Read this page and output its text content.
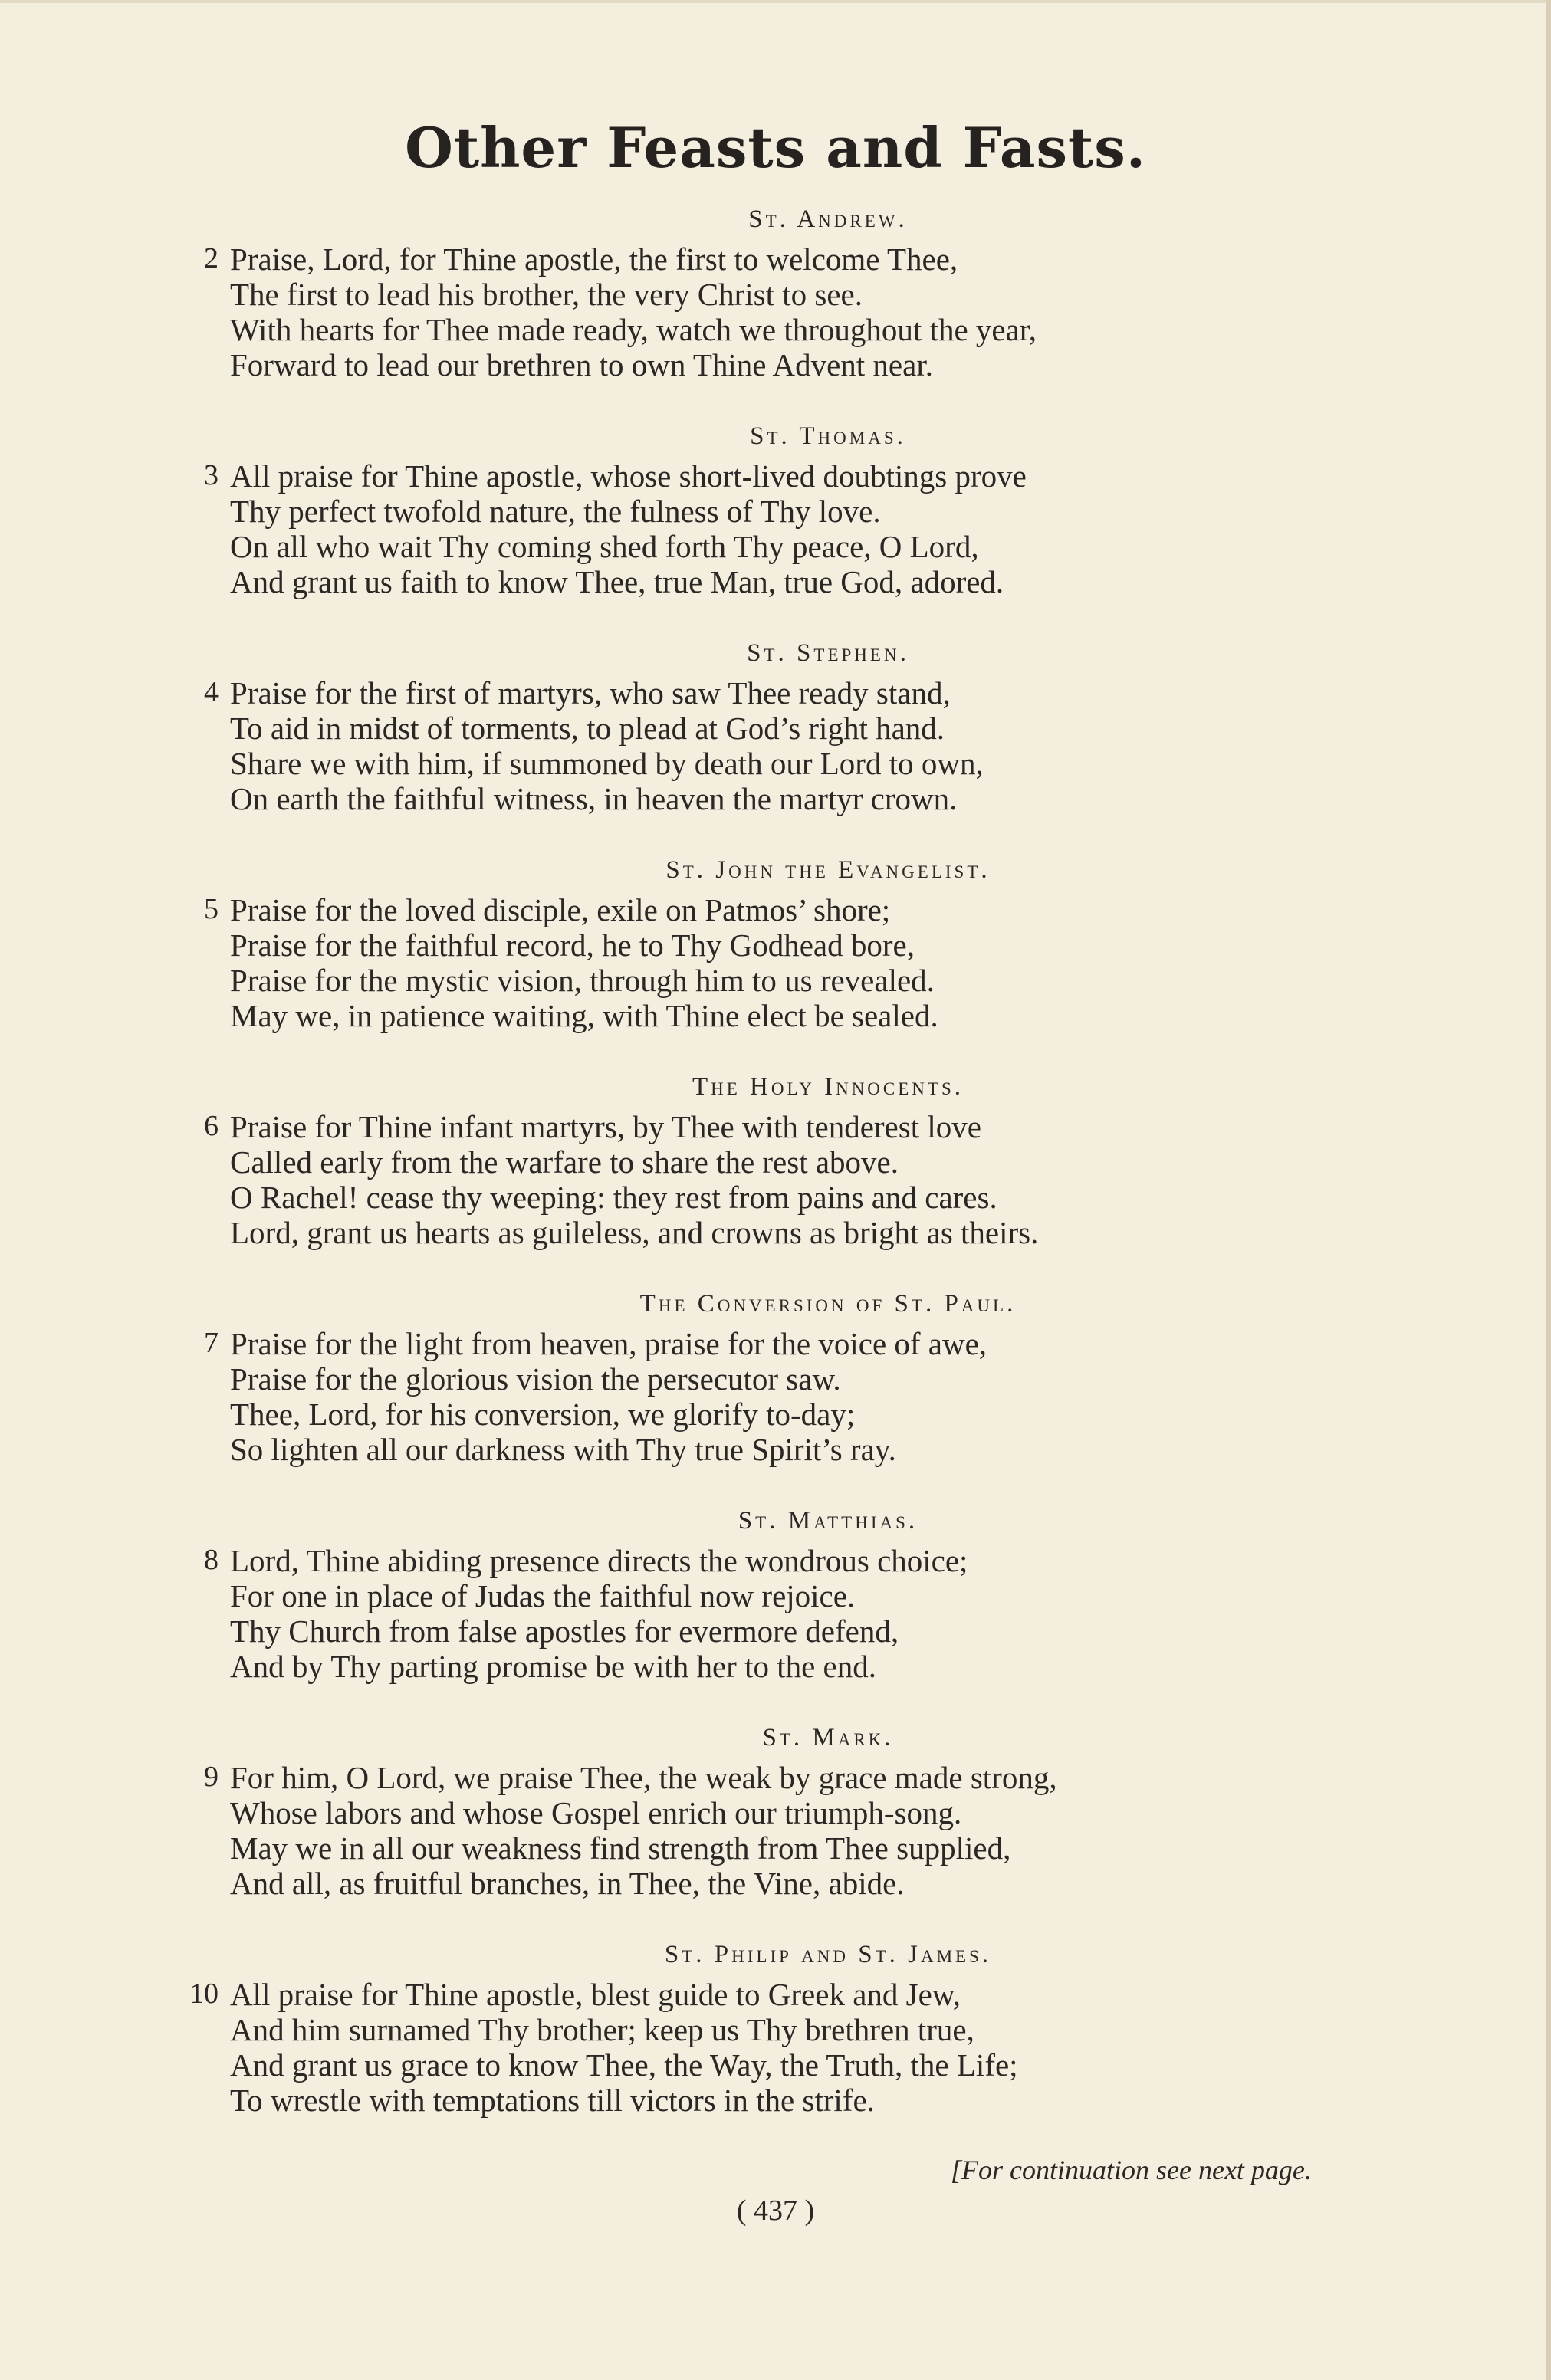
Other Feasts and Fasts.
St. Andrew.
2 Praise, Lord, for Thine apostle, the first to welcome Thee,
The first to lead his brother, the very Christ to see.
With hearts for Thee made ready, watch we throughout the year,
Forward to lead our brethren to own Thine Advent near.
St. Thomas.
3 All praise for Thine apostle, whose short-lived doubtings prove
Thy perfect twofold nature, the fulness of Thy love.
On all who wait Thy coming shed forth Thy peace, O Lord,
And grant us faith to know Thee, true Man, true God, adored.
St. Stephen.
4 Praise for the first of martyrs, who saw Thee ready stand,
To aid in midst of torments, to plead at God’s right hand.
Share we with him, if summoned by death our Lord to own,
On earth the faithful witness, in heaven the martyr crown.
St. John the Evangelist.
5 Praise for the loved disciple, exile on Patmos’ shore;
Praise for the faithful record, he to Thy Godhead bore,
Praise for the mystic vision, through him to us revealed.
May we, in patience waiting, with Thine elect be sealed.
The Holy Innocents.
6 Praise for Thine infant martyrs, by Thee with tenderest love
Called early from the warfare to share the rest above.
O Rachel! cease thy weeping: they rest from pains and cares.
Lord, grant us hearts as guileless, and crowns as bright as theirs.
The Conversion of St. Paul.
7 Praise for the light from heaven, praise for the voice of awe,
Praise for the glorious vision the persecutor saw.
Thee, Lord, for his conversion, we glorify to-day;
So lighten all our darkness with Thy true Spirit’s ray.
St. Matthias.
8 Lord, Thine abiding presence directs the wondrous choice;
For one in place of Judas the faithful now rejoice.
Thy Church from false apostles for evermore defend,
And by Thy parting promise be with her to the end.
St. Mark.
9 For him, O Lord, we praise Thee, the weak by grace made strong,
Whose labors and whose Gospel enrich our triumph-song.
May we in all our weakness find strength from Thee supplied,
And all, as fruitful branches, in Thee, the Vine, abide.
St. Philip and St. James.
10 All praise for Thine apostle, blest guide to Greek and Jew,
And him surnamed Thy brother; keep us Thy brethren true,
And grant us grace to know Thee, the Way, the Truth, the Life;
To wrestle with temptations till victors in the strife.
[For continuation see next page.
( 437 )
